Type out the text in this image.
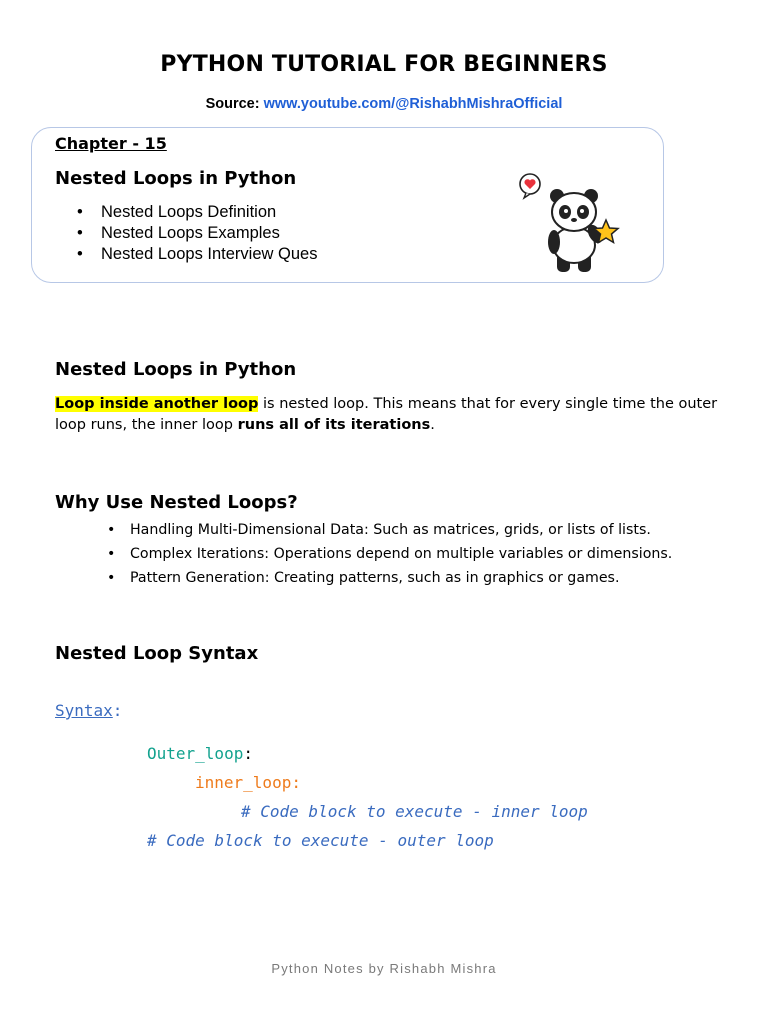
PYTHON TUTORIAL FOR BEGINNERS
Source: www.youtube.com/@RishabhMishraOfficial
Chapter - 15
Nested Loops in Python
• Nested Loops Definition
• Nested Loops Examples
• Nested Loops Interview Ques
Nested Loops in Python
Loop inside another loop is nested loop. This means that for every single time the outer loop runs, the inner loop runs all of its iterations.
Why Use Nested Loops?
• Handling Multi-Dimensional Data: Such as matrices, grids, or lists of lists.
• Complex Iterations: Operations depend on multiple variables or dimensions.
• Pattern Generation: Creating patterns, such as in graphics or games.
Nested Loop Syntax
Syntax:
Outer_loop:
inner_loop:
# Code block to execute - inner loop
# Code block to execute - outer loop
Python Notes by Rishabh Mishra
